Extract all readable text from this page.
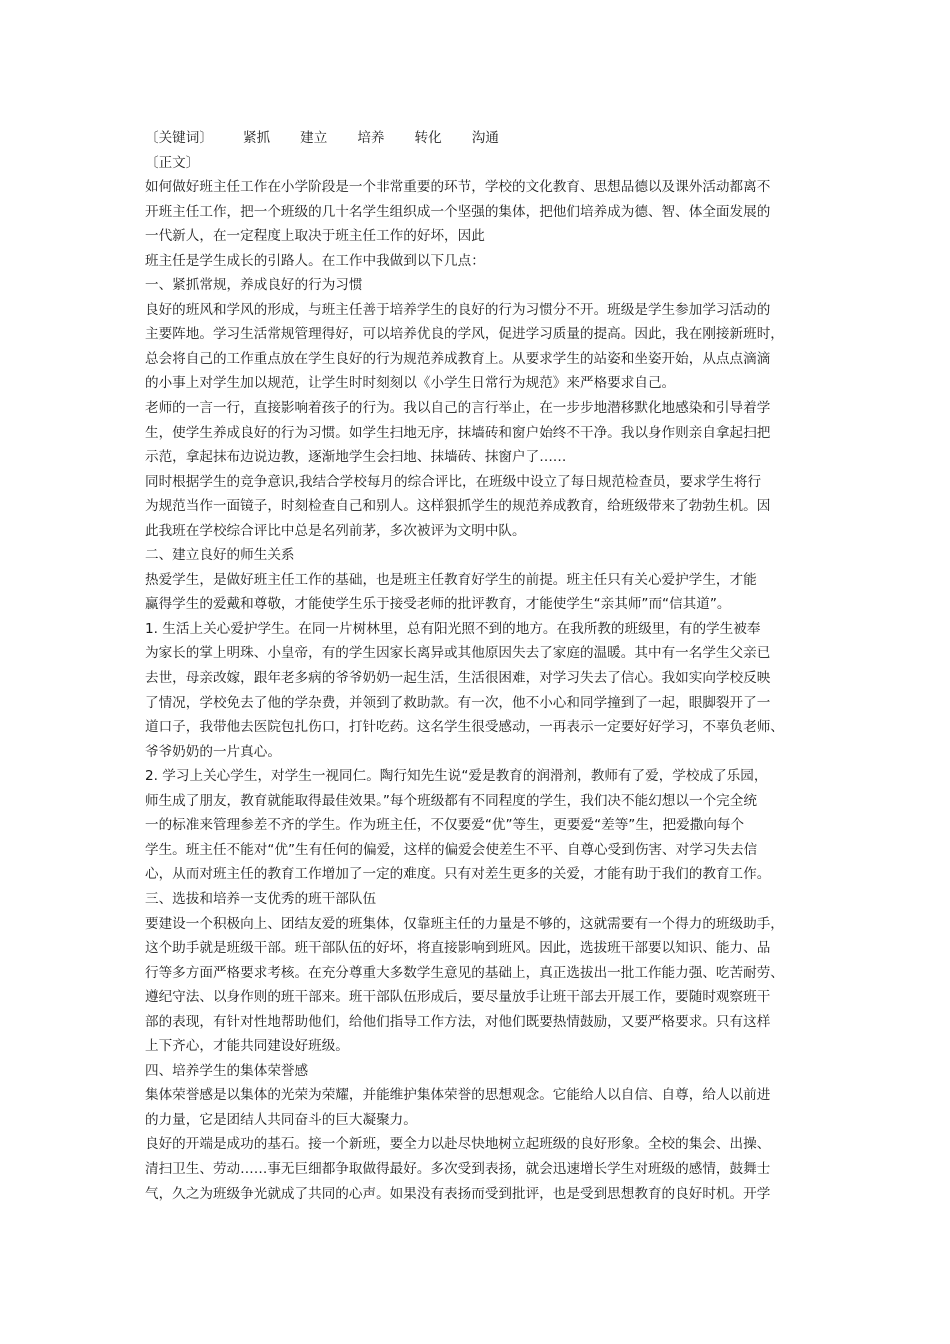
〔关键词〕 紧抓 建立 培养 转化 沟通
〔正文〕
如何做好班主任工作在小学阶段是一个非常重要的环节，学校的文化教育、思想品德以及课外活动都离不
开班主任工作，把一个班级的几十名学生组织成一个坚强的集体，把他们培养成为德、智、体全面发展的
一代新人，在一定程度上取决于班主任工作的好坏，因此
班主任是学生成长的引路人。在工作中我做到以下几点：
一、紧抓常规，养成良好的行为习惯
良好的班风和学风的形成，与班主任善于培养学生的良好的行为习惯分不开。班级是学生参加学习活动的
主要阵地。学习生活常规管理得好，可以培养优良的学风，促进学习质量的提高。因此，我在刚接新班时，
总会将自己的工作重点放在学生良好的行为规范养成教育上。从要求学生的站姿和坐姿开始，从点点滴滴
的小事上对学生加以规范，让学生时时刻刻以《小学生日常行为规范》来严格要求自己。
老师的一言一行，直接影响着孩子的行为。我以自己的言行举止，在一步步地潜移默化地感染和引导着学
生，使学生养成良好的行为习惯。如学生扫地无序，抹墙砖和窗户始终不干净。我以身作则亲自拿起扫把
示范，拿起抹布边说边教，逐渐地学生会扫地、抹墙砖、抹窗户了……
同时根据学生的竞争意识,我结合学校每月的综合评比，在班级中设立了每日规范检查员，要求学生将行
为规范当作一面镜子，时刻检查自己和别人。这样狠抓学生的规范养成教育，给班级带来了勃勃生机。因
此我班在学校综合评比中总是名列前茅，多次被评为文明中队。
二、建立良好的师生关系
热爱学生，是做好班主任工作的基础，也是班主任教育好学生的前提。班主任只有关心爱护学生，才能
赢得学生的爱戴和尊敬，才能使学生乐于接受老师的批评教育，才能使学生“亲其师”而“信其道”。
1. 生活上关心爱护学生。在同一片树林里，总有阳光照不到的地方。在我所教的班级里，有的学生被奉
为家长的掌上明珠、小皇帝，有的学生因家长离异或其他原因失去了家庭的温暖。其中有一名学生父亲已
去世，母亲改嫁，跟年老多病的爷爷奶奶一起生活，生活很困难，对学习失去了信心。我如实向学校反映
了情况，学校免去了他的学杂费，并领到了救助款。有一次，他不小心和同学撞到了一起，眼脚裂开了一
道口子，我带他去医院包扎伤口，打针吃药。这名学生很受感动，一再表示一定要好好学习，不辜负老师、
爷爷奶奶的一片真心。
2. 学习上关心学生，对学生一视同仁。陶行知先生说“爱是教育的润滑剂，教师有了爱，学校成了乐园，
师生成了朋友，教育就能取得最佳效果。”每个班级都有不同程度的学生，我们决不能幻想以一个完全统
一的标准来管理参差不齐的学生。作为班主任，不仅要爱“优”等生，更要爱“差等”生，把爱撒向每个
学生。班主任不能对“优”生有任何的偏爱，这样的偏爱会使差生不平、自尊心受到伤害、对学习失去信
心，从而对班主任的教育工作增加了一定的难度。只有对差生更多的关爱，才能有助于我们的教育工作。
三、选拔和培养一支优秀的班干部队伍
要建设一个积极向上、团结友爱的班集体，仅靠班主任的力量是不够的，这就需要有一个得力的班级助手，
这个助手就是班级干部。班干部队伍的好坏，将直接影响到班风。因此，选拔班干部要以知识、能力、品
行等多方面严格要求考核。在充分尊重大多数学生意见的基础上，真正选拔出一批工作能力强、吃苦耐劳、
遵纪守法、以身作则的班干部来。班干部队伍形成后，要尽量放手让班干部去开展工作，要随时观察班干
部的表现，有针对性地帮助他们，给他们指导工作方法，对他们既要热情鼓励，又要严格要求。只有这样
上下齐心，才能共同建设好班级。
四、培养学生的集体荣誉感
集体荣誉感是以集体的光荣为荣耀，并能维护集体荣誉的思想观念。它能给人以自信、自尊，给人以前进
的力量，它是团结人共同奋斗的巨大凝聚力。
良好的开端是成功的基石。接一个新班，要全力以赴尽快地树立起班级的良好形象。全校的集会、出操、
清扫卫生、劳动……事无巨细都争取做得最好。多次受到表扬，就会迅速增长学生对班级的感情，鼓舞士
气，久之为班级争光就成了共同的心声。如果没有表扬而受到批评，也是受到思想教育的良好时机。开学
